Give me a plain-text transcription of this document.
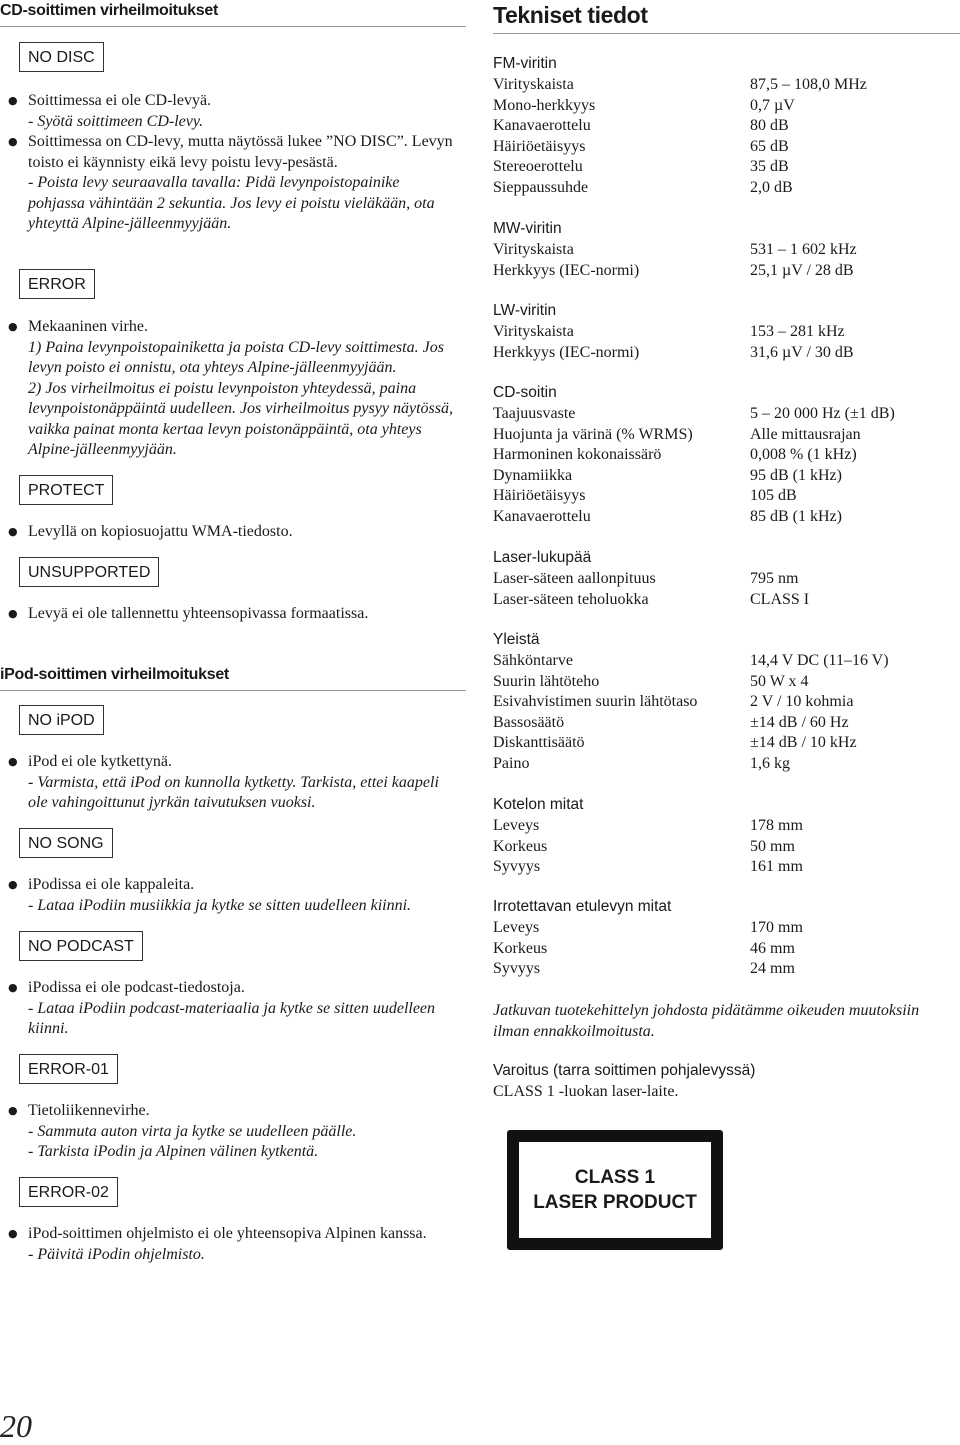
CD-soittimen virheilmoitukset
NO DISC
● Soittimessa ei ole CD-levyä.
- Syötä soittimeen CD-levy.
● Soittimessa on CD-levy, mutta näytössä lukee ”NO DISC”. Levyn toisto ei käynnisty eikä levy poistu levy-pesästä.
- Poista levy seuraavalla tavalla: Pidä levynpoistopainike pohjassa vähintään 2 sekuntia. Jos levy ei poistu vieläkään, ota yhteyttä Alpine-jälleenmyyjään.
ERROR
● Mekaaninen virhe.
1) Paina levynpoistopainiketta ja poista CD-levy soittimesta. Jos levyn poisto ei onnistu, ota yhteys Alpine-jälleenmyyjään.
2) Jos virheilmoitus ei poistu levynpoiston yhteydessä, paina levynpoistonäppäintä uudelleen. Jos virheilmoitus pysyy näytössä, vaikka painat monta kertaa levyn poistonäppäintä, ota yhteys Alpine-jälleenmyyjään.
PROTECT
● Levyllä on kopiosuojattu WMA-tiedosto.
UNSUPPORTED
● Levyä ei ole tallennettu yhteensopivassa formaatissa.
iPod-soittimen virheilmoitukset
NO iPOD
● iPod ei ole kytkettynä.
- Varmista, että iPod on kunnolla kytketty. Tarkista, ettei kaapeli ole vahingoittunut jyrkän taivutuksen vuoksi.
NO SONG
● iPodissa ei ole kappaleita.
- Lataa iPodiin musiikkia ja kytke se sitten uudelleen kiinni.
NO PODCAST
● iPodissa ei ole podcast-tiedostoja.
- Lataa iPodiin podcast-materiaalia ja kytke se sitten uudelleen kiinni.
ERROR-01
● Tietoliikennevirhe.
- Sammuta auton virta ja kytke se uudelleen päälle.
- Tarkista iPodin ja Alpinen välinen kytkentä.
ERROR-02
● iPod-soittimen ohjelmisto ei ole yhteensopiva Alpinen kanssa.
- Päivitä iPodin ohjelmisto.
20
Tekniset tiedot
FM-viritin
Virityskaista	87,5 – 108,0 MHz
Mono-herkkyys	0,7 µV
Kanavaerottelu	80 dB
Häiriöetäisyys	65 dB
Stereoerottelu	35 dB
Sieppaussuhde	2,0 dB
MW-viritin
Virityskaista	531 – 1 602 kHz
Herkkyys (IEC-normi)	25,1 µV / 28 dB
LW-viritin
Virityskaista	153 – 281 kHz
Herkkyys (IEC-normi)	31,6 µV / 30 dB
CD-soitin
Taajuusvaste	5 – 20 000 Hz (±1 dB)
Huojunta ja värinä (% WRMS)	Alle mittausrajan
Harmoninen kokonaissärö	0,008 % (1 kHz)
Dynamiikka	95 dB (1 kHz)
Häiriöetäisyys	105 dB
Kanavaerottelu	85 dB (1 kHz)
Laser-lukupää
Laser-säteen aallonpituus	795 nm
Laser-säteen teholuokka	CLASS I
Yleistä
Sähköntarve	14,4 V DC (11–16 V)
Suurin lähtöteho	50 W x 4
Esivahvistimen suurin lähtötaso	2 V / 10 kohmia
Bassosäätö	±14 dB / 60 Hz
Diskanttisäätö	±14 dB / 10 kHz
Paino	1,6 kg
Kotelon mitat
Leveys	178 mm
Korkeus	50 mm
Syvyys	161 mm
Irrotettavan etulevyn mitat
Leveys	170 mm
Korkeus	46 mm
Syvyys	24 mm
Jatkuvan tuotekehittelyn johdosta pidätämme oikeuden muutoksiin ilman ennakkoilmoitusta.
Varoitus (tarra soittimen pohjalevyssä)
CLASS 1 -luokan laser-laite.
CLASS 1
LASER PRODUCT
